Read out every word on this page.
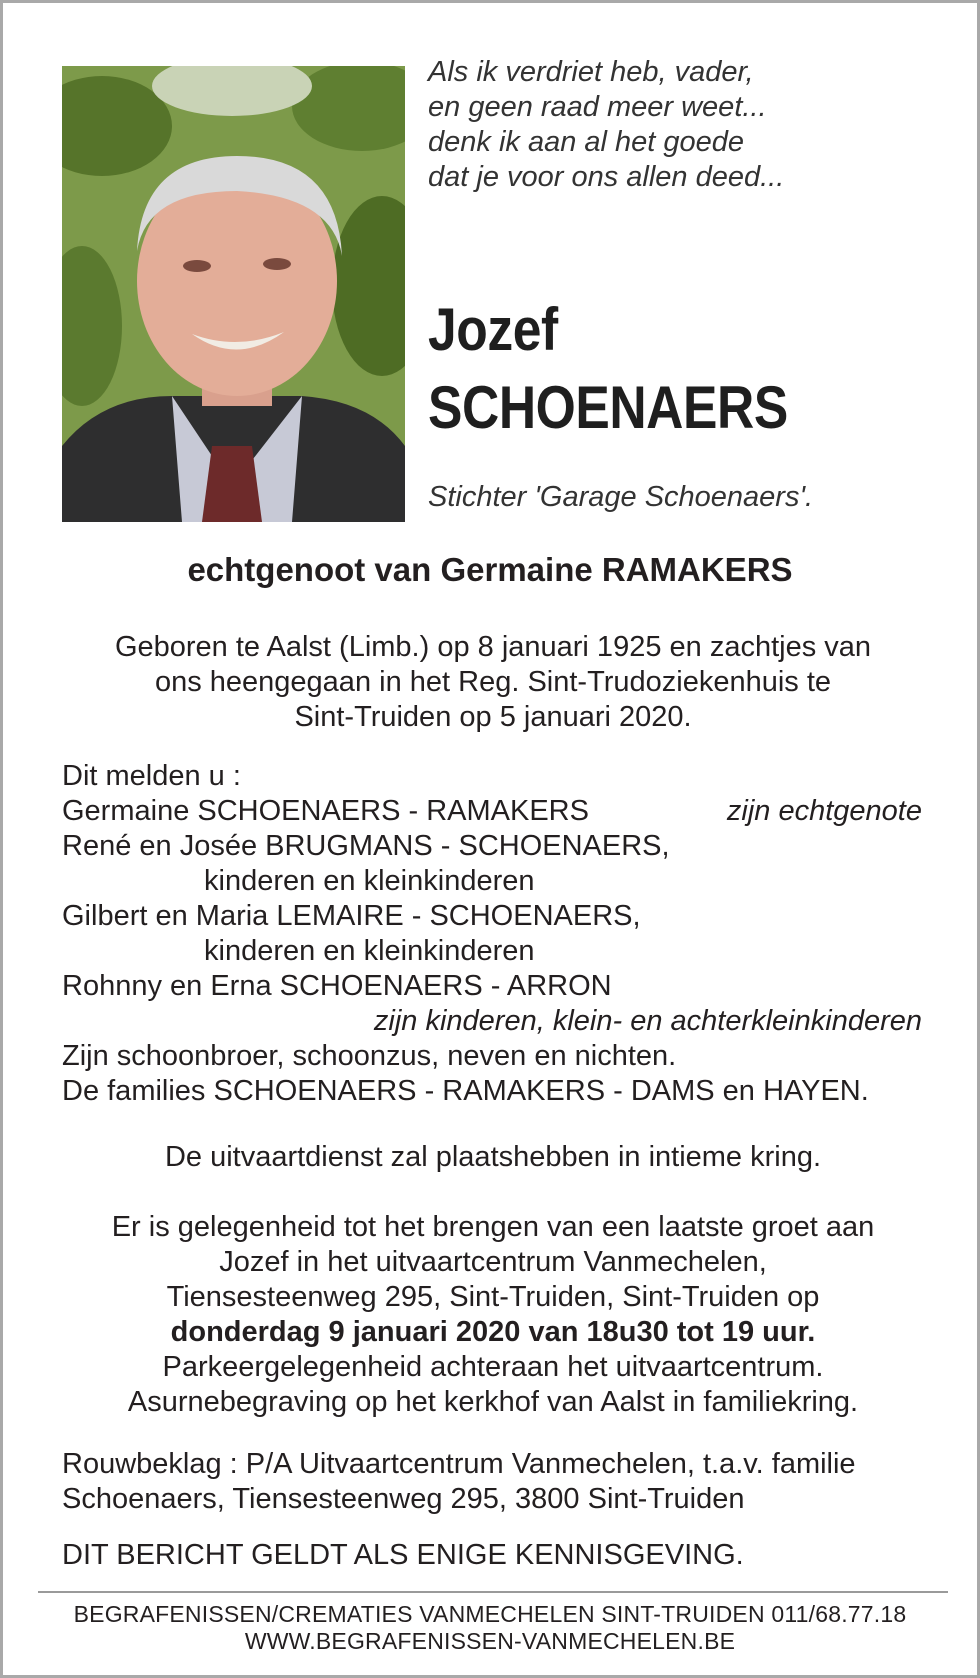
Als ik verdriet heb, vader,
en geen raad meer weet...
denk ik aan al het goede
dat je voor ons allen deed...
Jozef
SCHOENAERS
Stichter 'Garage Schoenaers'.
echtgenoot van Germaine RAMAKERS
Geboren te Aalst (Limb.) op 8 januari 1925 en zachtjes van
ons heengegaan in het Reg. Sint-Trudoziekenhuis te
Sint-Truiden op 5 januari 2020.
Dit melden u :
Germaine SCHOENAERS - RAMAKERS	zijn echtgenote
René en Josée BRUGMANS - SCHOENAERS,
kinderen en kleinkinderen
Gilbert en Maria LEMAIRE - SCHOENAERS,
kinderen en kleinkinderen
Rohnny en Erna SCHOENAERS - ARRON
zijn kinderen, klein- en achterkleinkinderen
Zijn schoonbroer, schoonzus, neven en nichten.
De families SCHOENAERS - RAMAKERS - DAMS en HAYEN.
De uitvaartdienst zal plaatshebben in intieme kring.
Er is gelegenheid tot het brengen van een laatste groet aan
Jozef in het uitvaartcentrum Vanmechelen,
Tiensesteenweg 295, Sint-Truiden, Sint-Truiden op
donderdag 9 januari 2020 van 18u30 tot 19 uur.
Parkeergelegenheid achteraan het uitvaartcentrum.
Asurnebegraving op het kerkhof van Aalst in familiekring.
Rouwbeklag : P/A Uitvaartcentrum Vanmechelen, t.a.v. familie
Schoenaers, Tiensesteenweg 295, 3800 Sint-Truiden
DIT BERICHT GELDT ALS ENIGE KENNISGEVING.
BEGRAFENISSEN/CREMATIES VANMECHELEN SINT-TRUIDEN 011/68.77.18
WWW.BEGRAFENISSEN-VANMECHELEN.BE
